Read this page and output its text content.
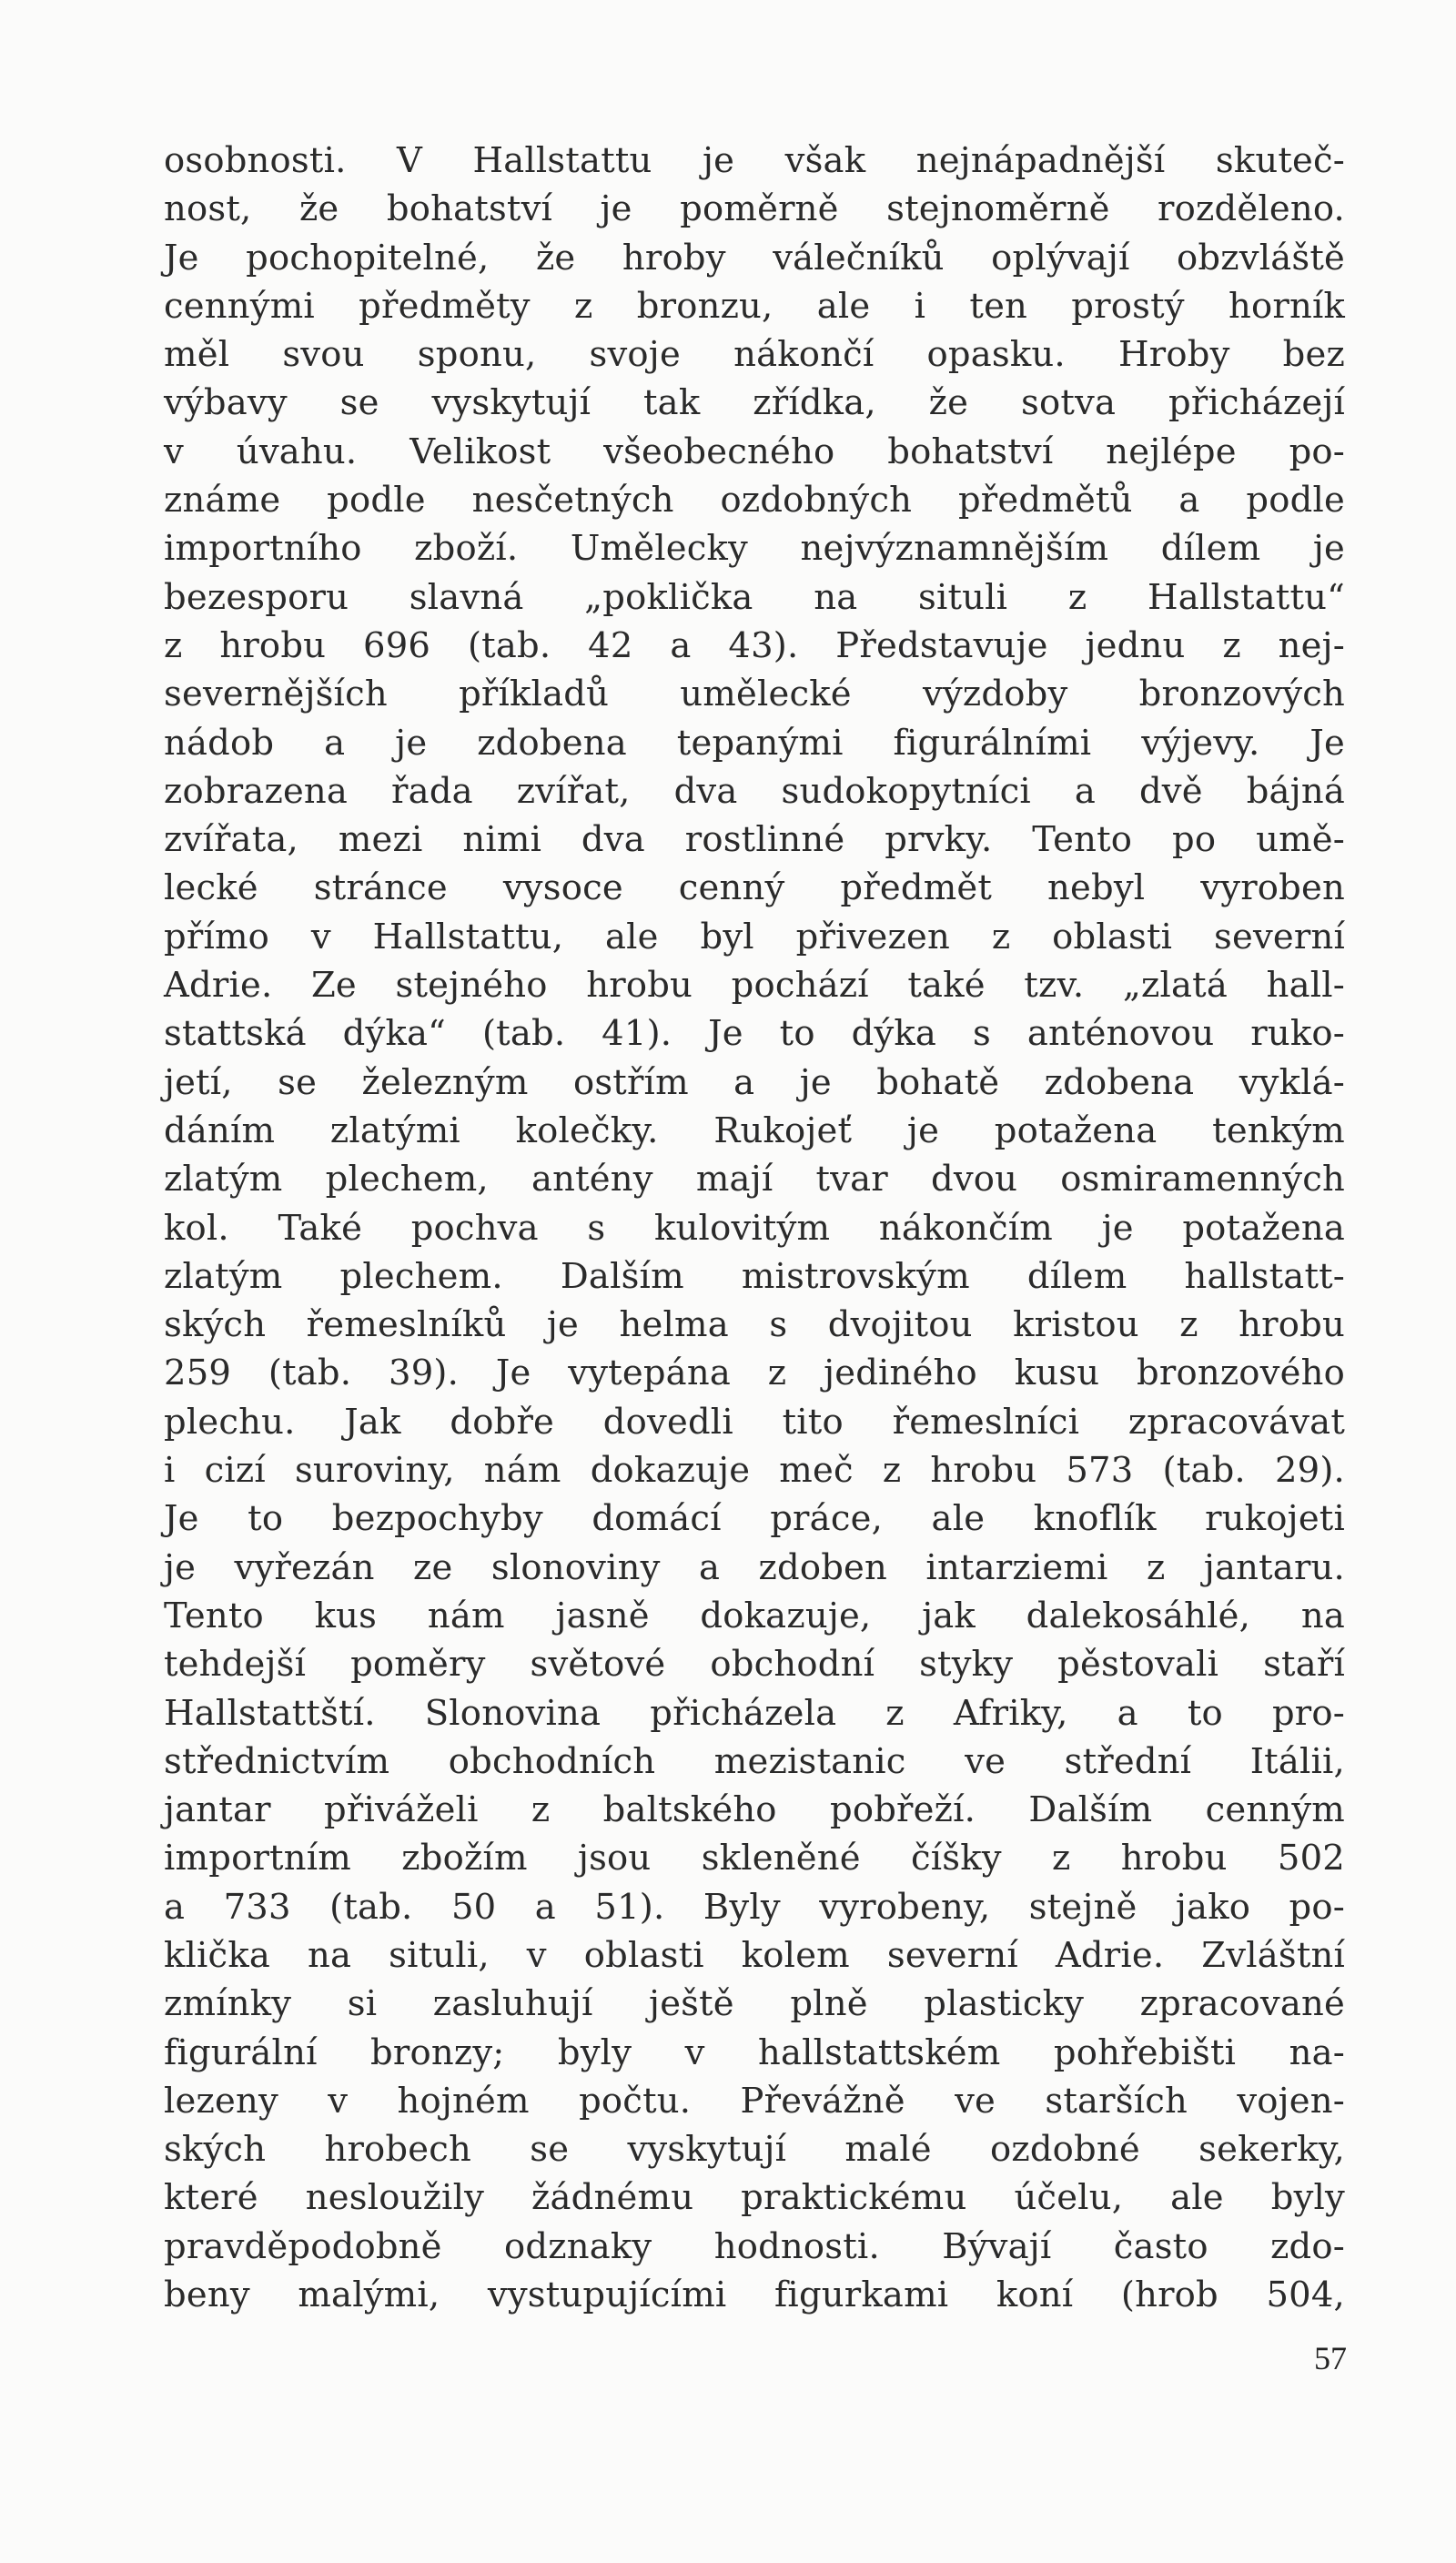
osobnosti. V Hallstattu je však nejnápadnější skuteč-
nost, že bohatství je poměrně stejnoměrně rozděleno.
Je pochopitelné, že hroby válečníků oplývají obzvláště
cennými předměty z bronzu, ale i ten prostý horník
měl svou sponu, svoje nákončí opasku. Hroby bez
výbavy se vyskytují tak zřídka, že sotva přicházejí
v úvahu. Velikost všeobecného bohatství nejlépe po-
známe podle nesčetných ozdobných předmětů a podle
importního zboží. Umělecky nejvýznamnějším dílem je
bezesporu slavná „poklička na situli z Hallstattu“
z hrobu 696 (tab. 42 a 43). Představuje jednu z nej-
severnějších příkladů umělecké výzdoby bronzových
nádob a je zdobena tepanými figurálními výjevy. Je
zobrazena řada zvířat, dva sudokopytníci a dvě bájná
zvířata, mezi nimi dva rostlinné prvky. Tento po umě-
lecké stránce vysoce cenný předmět nebyl vyroben
přímo v Hallstattu, ale byl přivezen z oblasti severní
Adrie. Ze stejného hrobu pochází také tzv. „zlatá hall-
stattská dýka“ (tab. 41). Je to dýka s anténovou ruko-
jetí, se železným ostřím a je bohatě zdobena vyklá-
dáním zlatými kolečky. Rukojeť je potažena tenkým
zlatým plechem, antény mají tvar dvou osmiramenných
kol. Také pochva s kulovitým nákončím je potažena
zlatým plechem. Dalším mistrovským dílem hallstatt-
ských řemeslníků je helma s dvojitou kristou z hrobu
259 (tab. 39). Je vytepána z jediného kusu bronzového
plechu. Jak dobře dovedli tito řemeslníci zpracovávat
i cizí suroviny, nám dokazuje meč z hrobu 573 (tab. 29).
Je to bezpochyby domácí práce, ale knoflík rukojeti
je vyřezán ze slonoviny a zdoben intarziemi z jantaru.
Tento kus nám jasně dokazuje, jak dalekosáhlé, na
tehdejší poměry světové obchodní styky pěstovali staří
Hallstattští. Slonovina přicházela z Afriky, a to pro-
střednictvím obchodních mezistanic ve střední Itálii,
jantar přiváželi z baltského pobřeží. Dalším cenným
importním zbožím jsou skleněné číšky z hrobu 502
a 733 (tab. 50 a 51). Byly vyrobeny, stejně jako po-
klička na situli, v oblasti kolem severní Adrie. Zvláštní
zmínky si zasluhují ještě plně plasticky zpracované
figurální bronzy; byly v hallstattském pohřebišti na-
lezeny v hojném počtu. Převážně ve starších vojen-
ských hrobech se vyskytují malé ozdobné sekerky,
které nesloužily žádnému praktickému účelu, ale byly
pravděpodobně odznaky hodnosti. Bývají často zdo-
beny malými, vystupujícími figurkami koní (hrob 504,
57
